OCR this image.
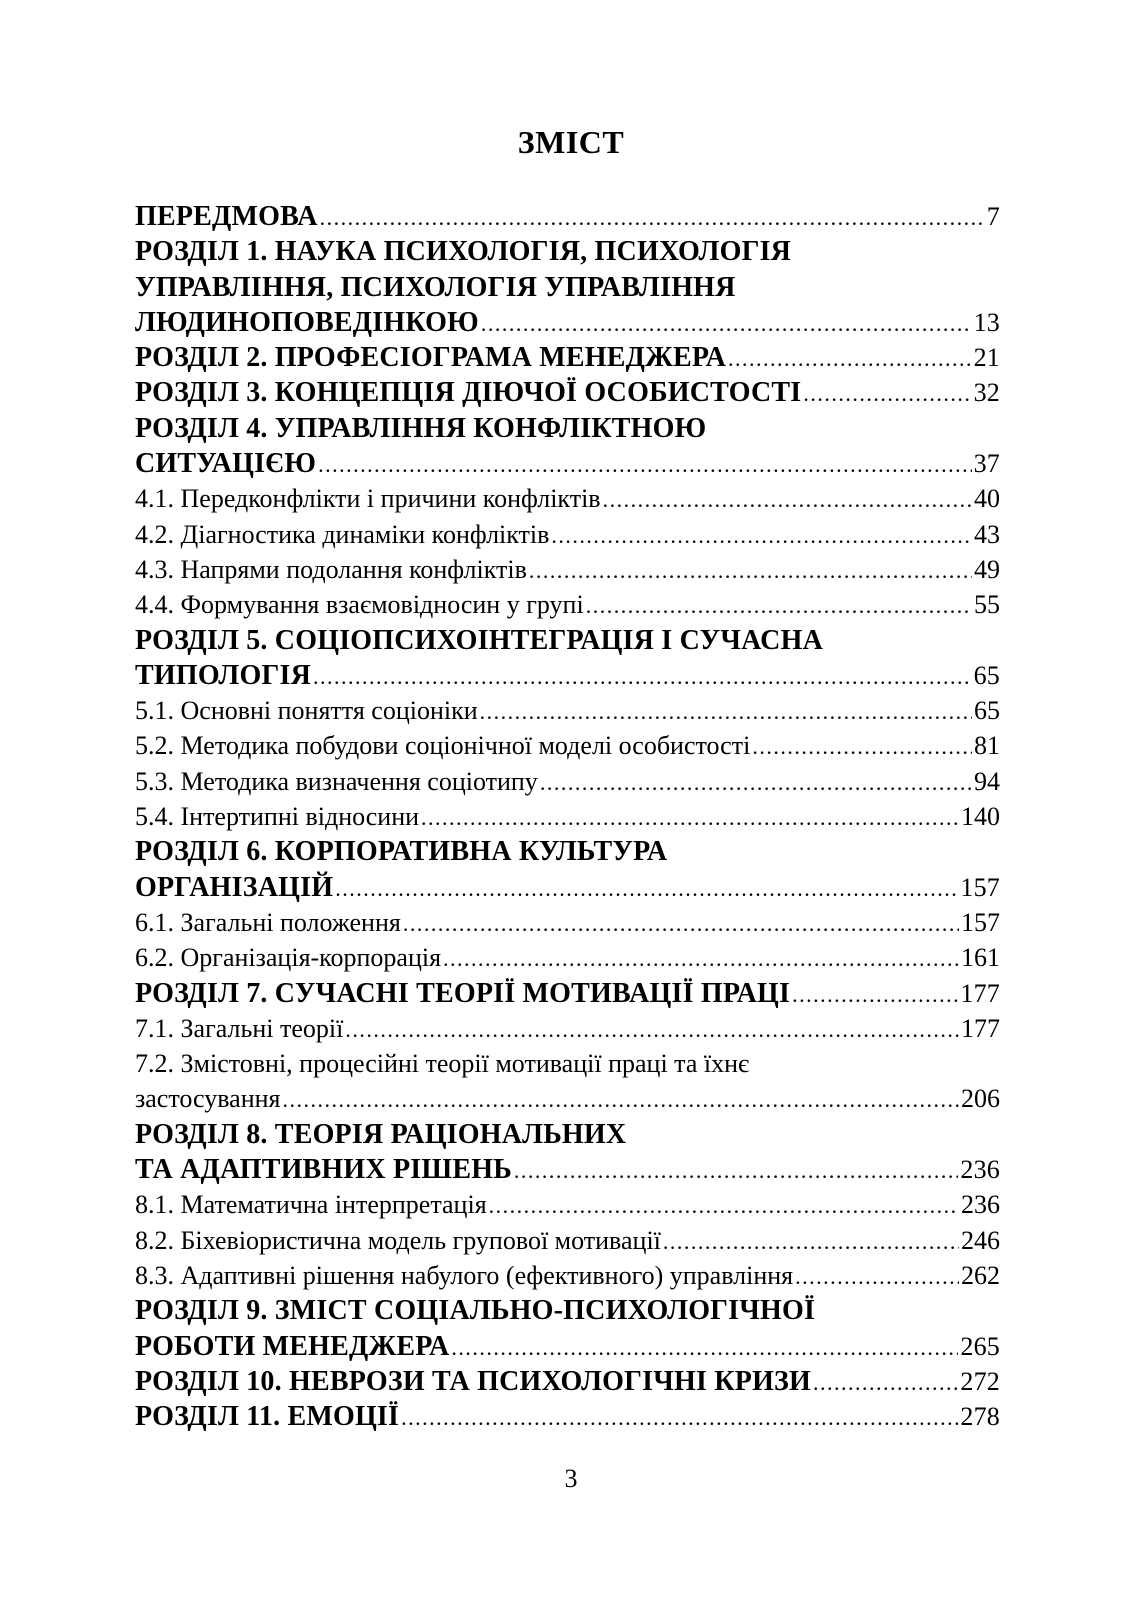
ЗМІСТ
ПЕРЕДМОВА .....	7
РОЗДІЛ 1. НАУКА ПСИХОЛОГІЯ, ПСИХОЛОГІЯ
УПРАВЛІННЯ, ПСИХОЛОГІЯ УПРАВЛІННЯ
ЛЮДИНОПОВЕДІНКОЮ .....	13
РОЗДІЛ 2. ПРОФЕСІОГРАМА МЕНЕДЖЕРА .....	21
РОЗДІЛ 3. КОНЦЕПЦІЯ ДІЮЧОЇ ОСОБИСТОСТІ .....	32
РОЗДІЛ 4. УПРАВЛІННЯ КОНФЛІКТНОЮ
СИТУАЦІЄЮ .....	37
4.1. Передконфлікти і причини конфліктів .....	40
4.2. Діагностика динаміки конфліктів .....	43
4.3. Напрями подолання конфліктів .....	49
4.4. Формування взаємовідносин у групі .....	55
РОЗДІЛ 5. СОЦІОПСИХОІНТЕГРАЦІЯ І СУЧАСНА
ТИПОЛОГІЯ .....	65
5.1. Основні поняття соціоніки .....	65
5.2. Методика побудови соціонічної моделі особистості .....	81
5.3. Методика визначення соціотипу .....	94
5.4. Інтертипні відносини .....	140
РОЗДІЛ 6. КОРПОРАТИВНА КУЛЬТУРА
ОРГАНІЗАЦІЙ .....	157
6.1. Загальні положення .....	157
6.2. Організація-корпорація .....	161
РОЗДІЛ 7. СУЧАСНІ ТЕОРІЇ МОТИВАЦІЇ ПРАЦІ .....	177
7.1. Загальні теорії .....	177
7.2. Змістовні, процесійні теорії мотивації праці та їхнє
застосування .....	206
РОЗДІЛ 8. ТЕОРІЯ РАЦІОНАЛЬНИХ
ТА АДАПТИВНИХ РІШЕНЬ .....	236
8.1. Математична інтерпретація .....	236
8.2. Біхевіористична модель групової мотивації .....	246
8.3. Адаптивні рішення набулого (ефективного) управління .....	262
РОЗДІЛ 9. ЗМІСТ СОЦІАЛЬНО-ПСИХОЛОГІЧНОЇ
РОБОТИ МЕНЕДЖЕРА .....	265
РОЗДІЛ 10. НЕВРОЗИ ТА ПСИХОЛОГІЧНІ КРИЗИ .....	272
РОЗДІЛ 11. ЕМОЦІЇ .....	278
3
